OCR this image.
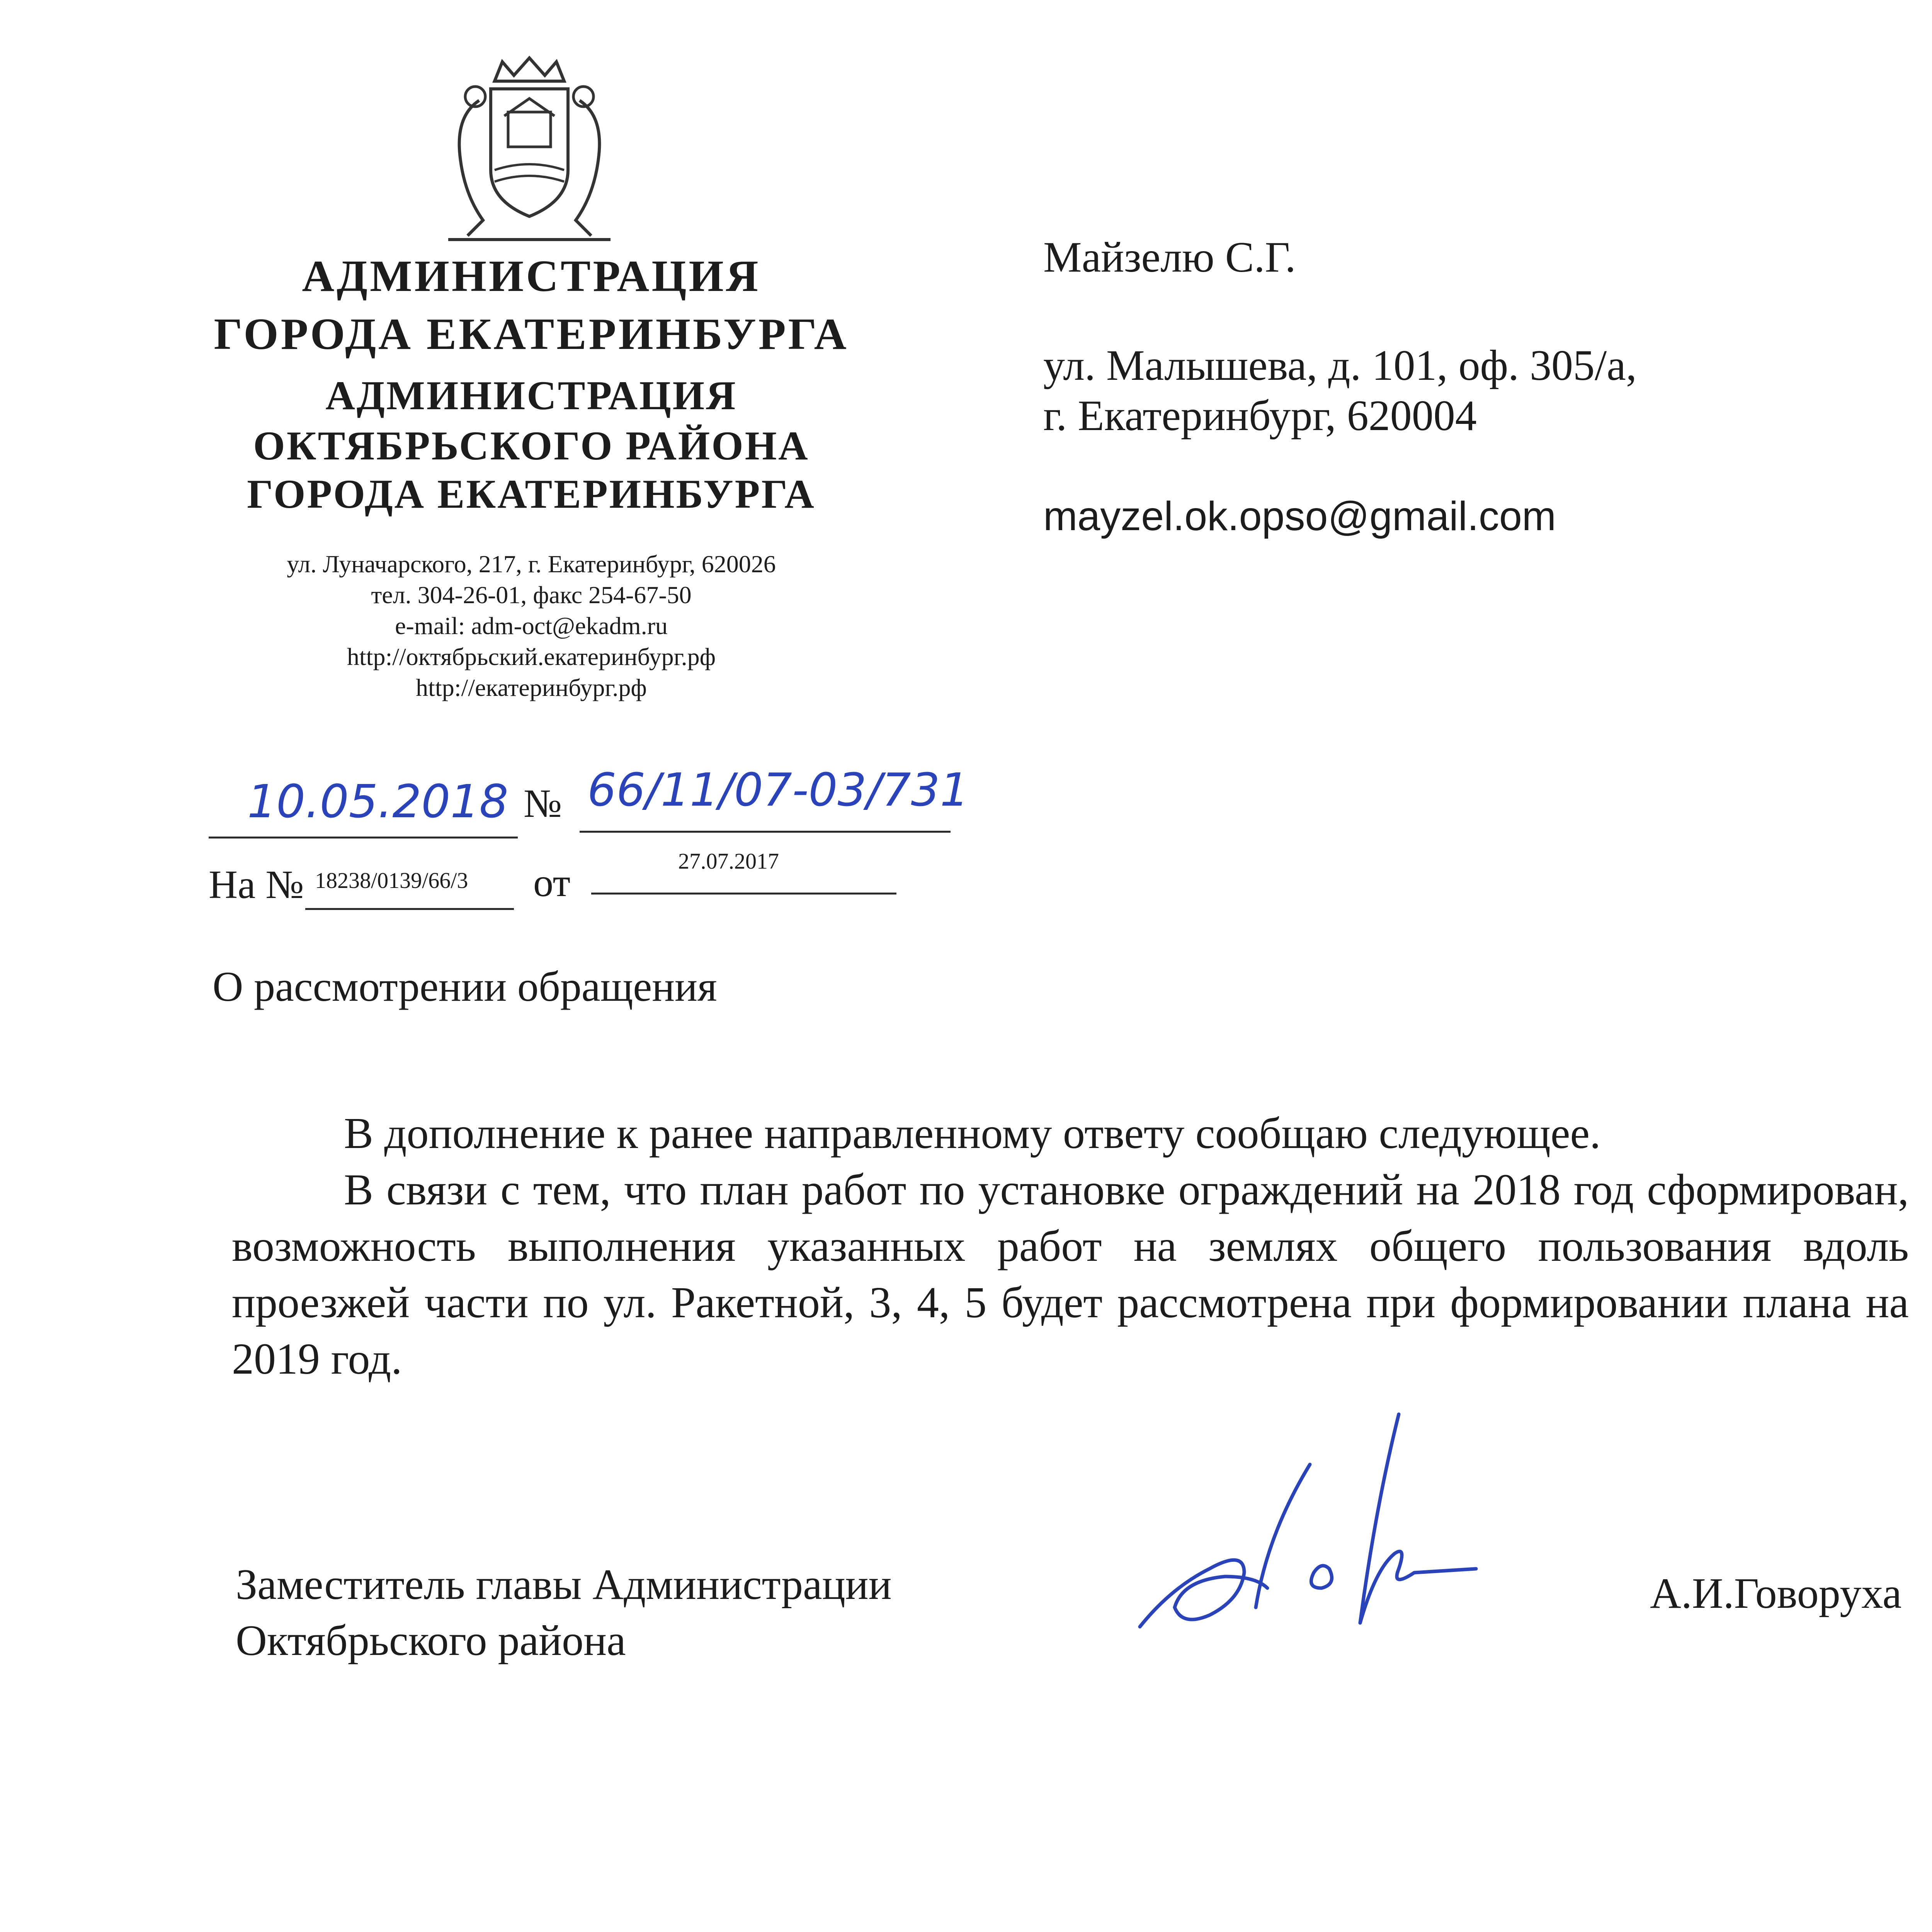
АДМИНИСТРАЦИЯ
ГОРОДА ЕКАТЕРИНБУРГА
АДМИНИСТРАЦИЯ
ОКТЯБРЬСКОГО РАЙОНА
ГОРОДА ЕКАТЕРИНБУРГА
ул. Луначарского, 217, г. Екатеринбург, 620026
тел. 304-26-01, факс 254-67-50
e-mail: adm-oct@ekadm.ru
http://октябрьский.екатеринбург.рф
http://екатеринбург.рф
Майзелю С.Г.
ул. Малышева, д. 101, оф. 305/а,
г. Екатеринбург, 620004
mayzel.ok.opso@gmail.com
10.05.2018 № 66/11/07-03/731
На № 18238/0139/66/3 от	27.07.2017
О рассмотрении обращения

В дополнение к ранее направленному ответу сообщаю следующее.

В связи с тем, что план работ по установке ограждений на 2018 год сформирован, возможность выполнения указанных работ на землях общего пользования вдоль проезжей части по ул. Ракетной, 3, 4, 5 будет рассмотрена при формировании плана на 2019 год.

Заместитель главы Администрации
Октябрьского района
А.И.Говоруха
